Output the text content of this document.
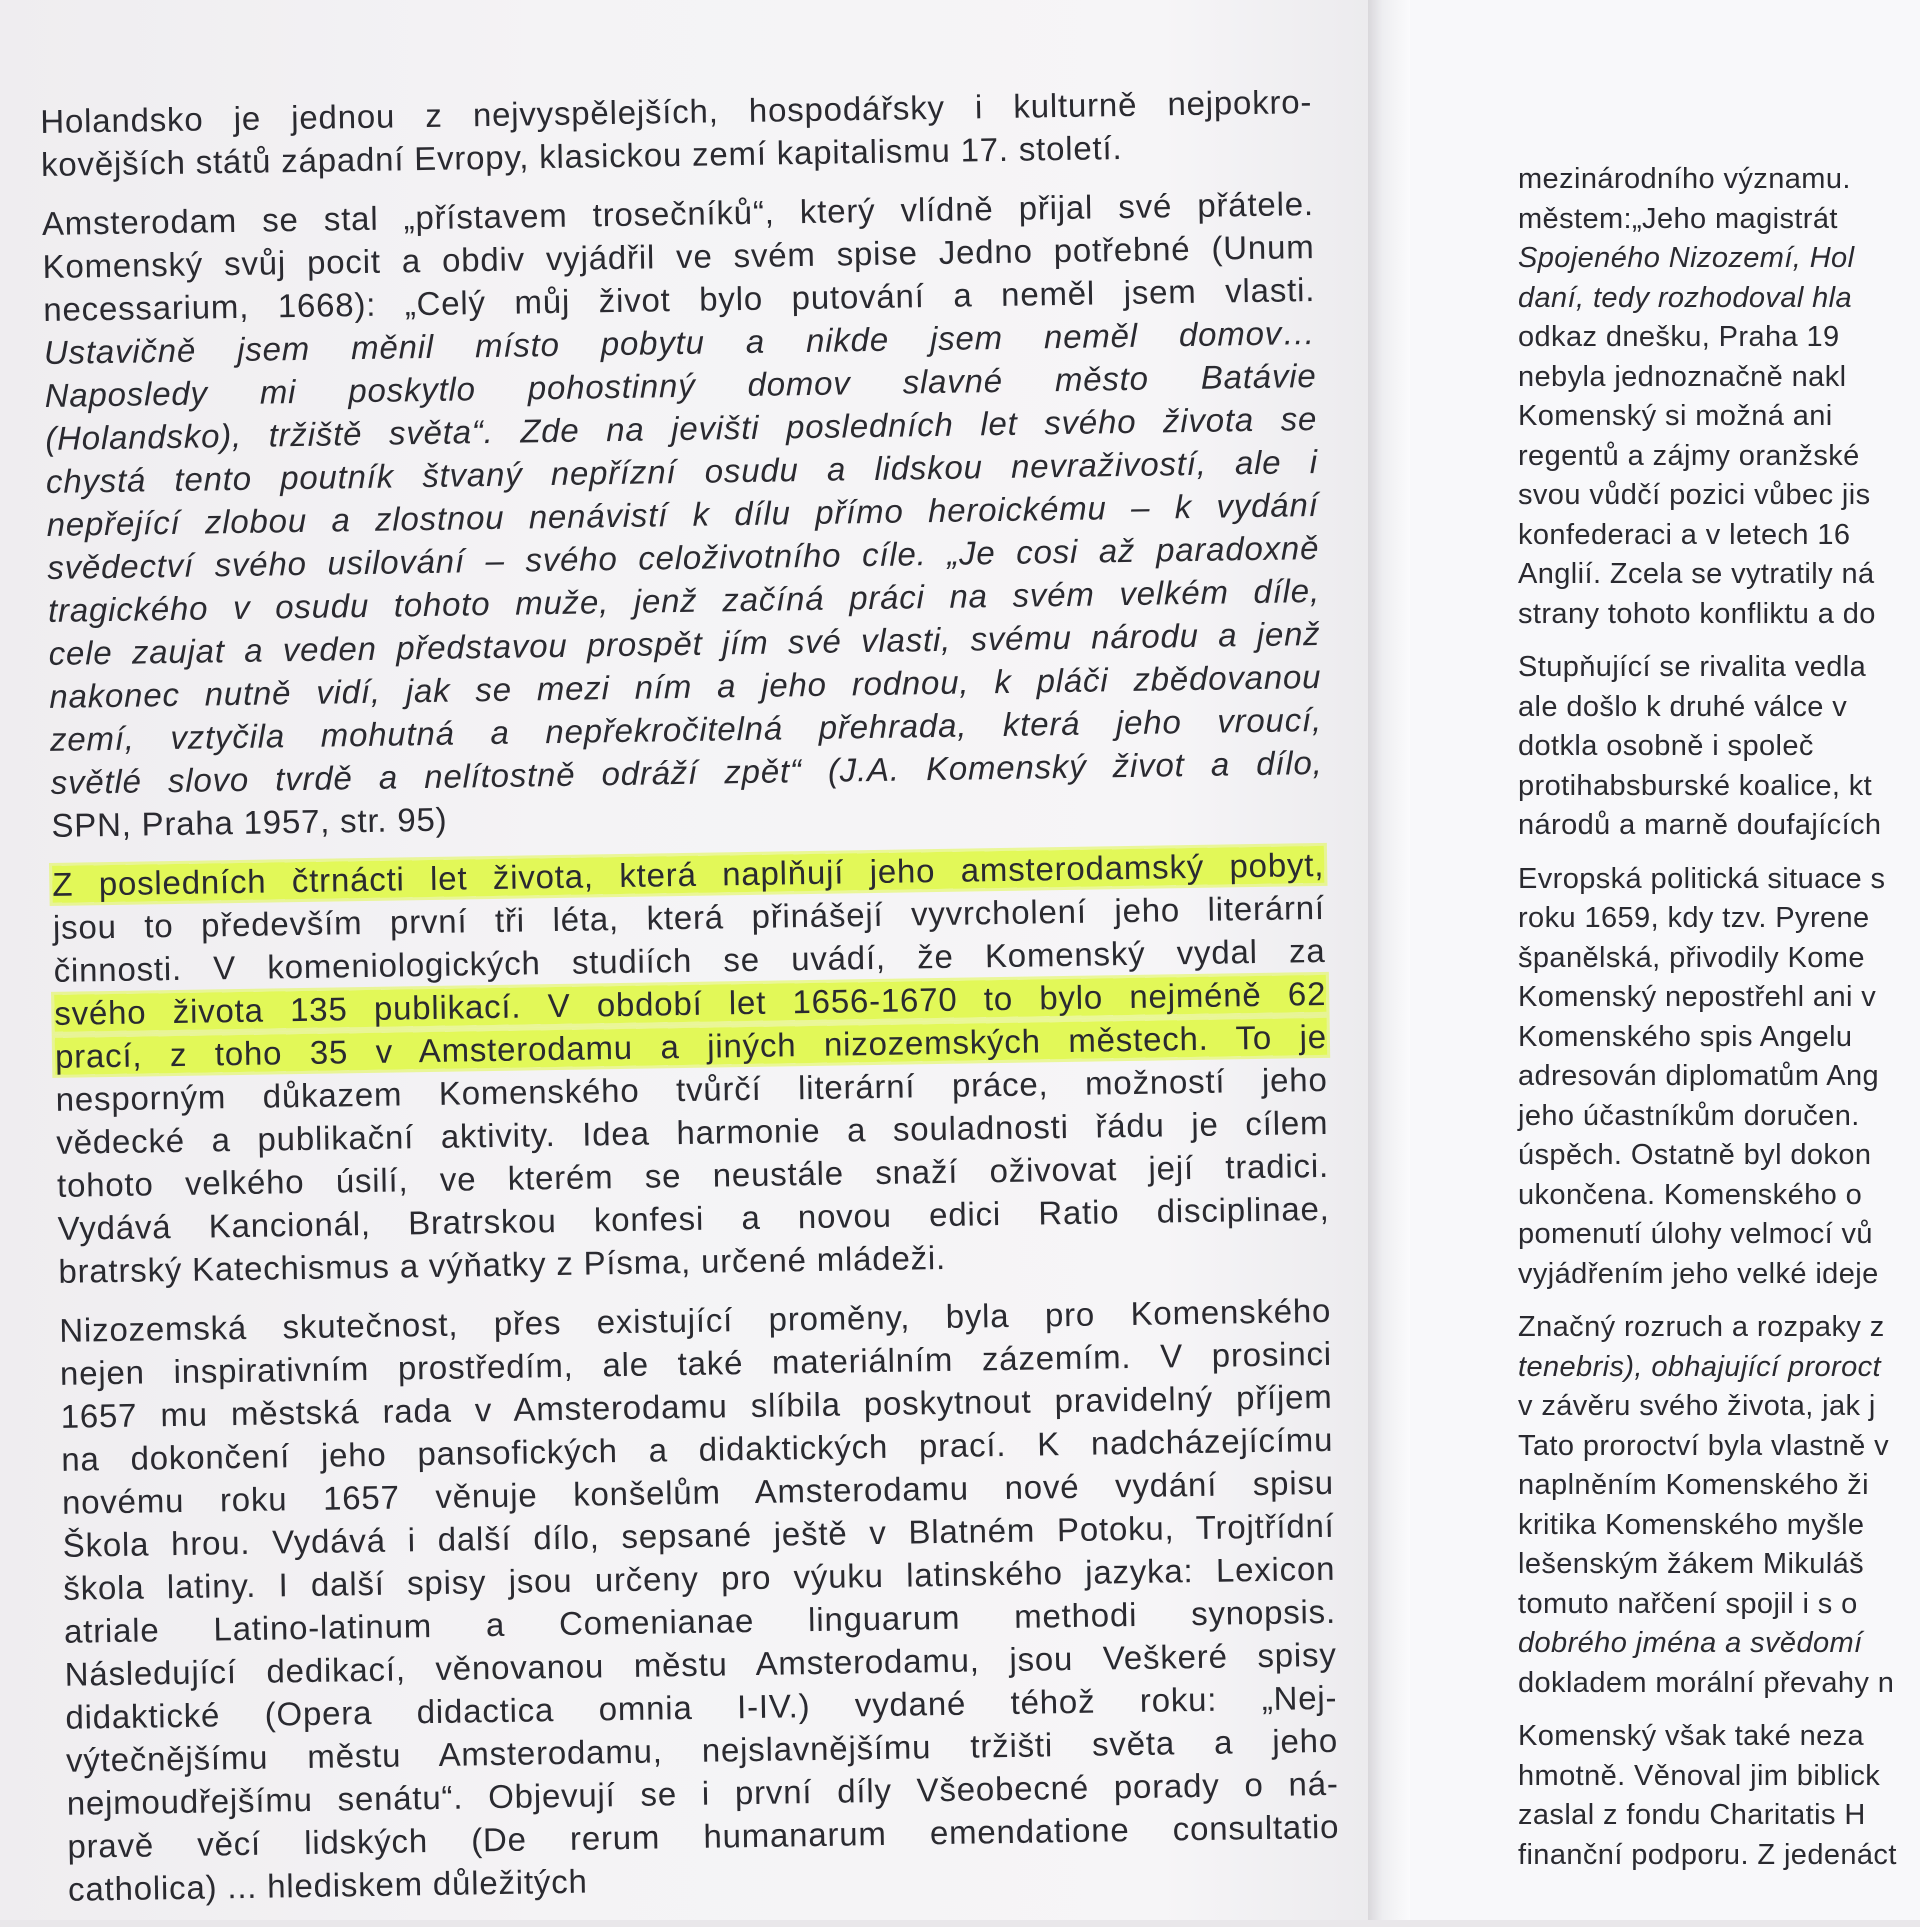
Holandsko je jednou z nejvyspělejších, hospodářsky i kulturně nejpokro-
kovějších států západní Evropy, klasickou zemí kapitalismu 17. století.
Amsterodam se stal „přístavem trosečníků“, který vlídně přijal své přátele.
Komenský svůj pocit a obdiv vyjádřil ve svém spise Jedno potřebné (Unum
necessarium, 1668): „Celý můj život bylo putování a neměl jsem vlasti.
Ustavičně jsem měnil místo pobytu a nikde jsem neměl domov…
Naposledy mi poskytlo pohostinný domov slavné město Batávie
(Holandsko), tržiště světa“. Zde na jevišti posledních let svého života se
chystá tento poutník štvaný nepřízní osudu a lidskou nevraživostí, ale i
nepřející zlobou a zlostnou nenávistí k dílu přímo heroickému – k vydání
svědectví svého usilování – svého celoživotního cíle. „Je cosi až paradoxně
tragického v osudu tohoto muže, jenž začíná práci na svém velkém díle,
cele zaujat a veden představou prospět jím své vlasti, svému národu a jenž
nakonec nutně vidí, jak se mezi ním a jeho rodnou, k pláči zbědovanou
zemí, vztyčila mohutná a nepřekročitelná přehrada, která jeho vroucí,
světlé slovo tvrdě a nelítostně odráží zpět“ (J.A. Komenský život a dílo,
SPN, Praha 1957, str. 95)
Z posledních čtrnácti let života, která naplňují jeho amsterodamský pobyt,
jsou to především první tři léta, která přinášejí vyvrcholení jeho literární
činnosti. V komeniologických studiích se uvádí, že Komenský vydal za
svého života 135 publikací. V období let 1656-1670 to bylo nejméně 62
prací, z toho 35 v Amsterodamu a jiných nizozemských městech. To je
nesporným důkazem Komenského tvůrčí literární práce, možností jeho
vědecké a publikační aktivity. Idea harmonie a souladnosti řádu je cílem
tohoto velkého úsilí, ve kterém se neustále snaží oživovat její tradici.
Vydává Kancionál, Bratrskou konfesi a novou edici Ratio disciplinae,
bratrský Katechismus a výňatky z Písma, určené mládeži.
Nizozemská skutečnost, přes existující proměny, byla pro Komenského
nejen inspirativním prostředím, ale také materiálním zázemím. V prosinci
1657 mu městská rada v Amsterodamu slíbila poskytnout pravidelný příjem
na dokončení jeho pansofických a didaktických prací. K nadcházejícímu
novému roku 1657 věnuje konšelům Amsterodamu nové vydání spisu
Škola hrou. Vydává i další dílo, sepsané ještě v Blatném Potoku, Trojtřídní
škola latiny. I další spisy jsou určeny pro výuku latinského jazyka: Lexicon
atriale Latino-latinum a Comenianae linguarum methodi synopsis.
Následující dedikací, věnovanou městu Amsterodamu, jsou Veškeré spisy
didaktické (Opera didactica omnia I-IV.) vydané téhož roku: „Nej-
výtečnějšímu městu Amsterodamu, nejslavnějšímu tržišti světa a jeho
nejmoudřejšímu senátu“. Objevují se i první díly Všeobecné porady o ná-
pravě věcí lidských (De rerum humanarum emendatione consultatio
catholica) ... hlediskem důležitých
mezinárodního významu.
městem:„Jeho magistrát
Spojeného Nizozemí, Hol
daní, tedy rozhodoval hla
odkaz dnešku, Praha 19
nebyla jednoznačně nakl
Komenský si možná ani
regentů a zájmy oranžské
svou vůdčí pozici vůbec jis
konfederaci a v letech 16
Anglií. Zcela se vytratily ná
strany tohoto konfliktu a do
Stupňující se rivalita vedla
ale došlo k druhé válce v
dotkla osobně i společ
protihabsburské koalice, kt
národů a marně doufajících
Evropská politická situace s
roku 1659, kdy tzv. Pyrene
španělská, přivodily Kome
Komenský nepostřehl ani v
Komenského spis Angelu
adresován diplomatům Ang
jeho účastníkům doručen.
úspěch. Ostatně byl dokon
ukončena. Komenského o
pomenutí úlohy velmocí vů
vyjádřením jeho velké ideje
Značný rozruch a rozpaky z
tenebris), obhajující proroct
v závěru svého života, jak j
Tato proroctví byla vlastně v
naplněním Komenského ži
kritika Komenského myšle
lešenským žákem Mikuláš
tomuto nařčení spojil i s o
dobrého jména a svědomí
dokladem morální převahy n
Komenský však také neza
hmotně. Věnoval jim biblick
zaslal z fondu Charitatis H
finanční podporu. Z jedenáct
